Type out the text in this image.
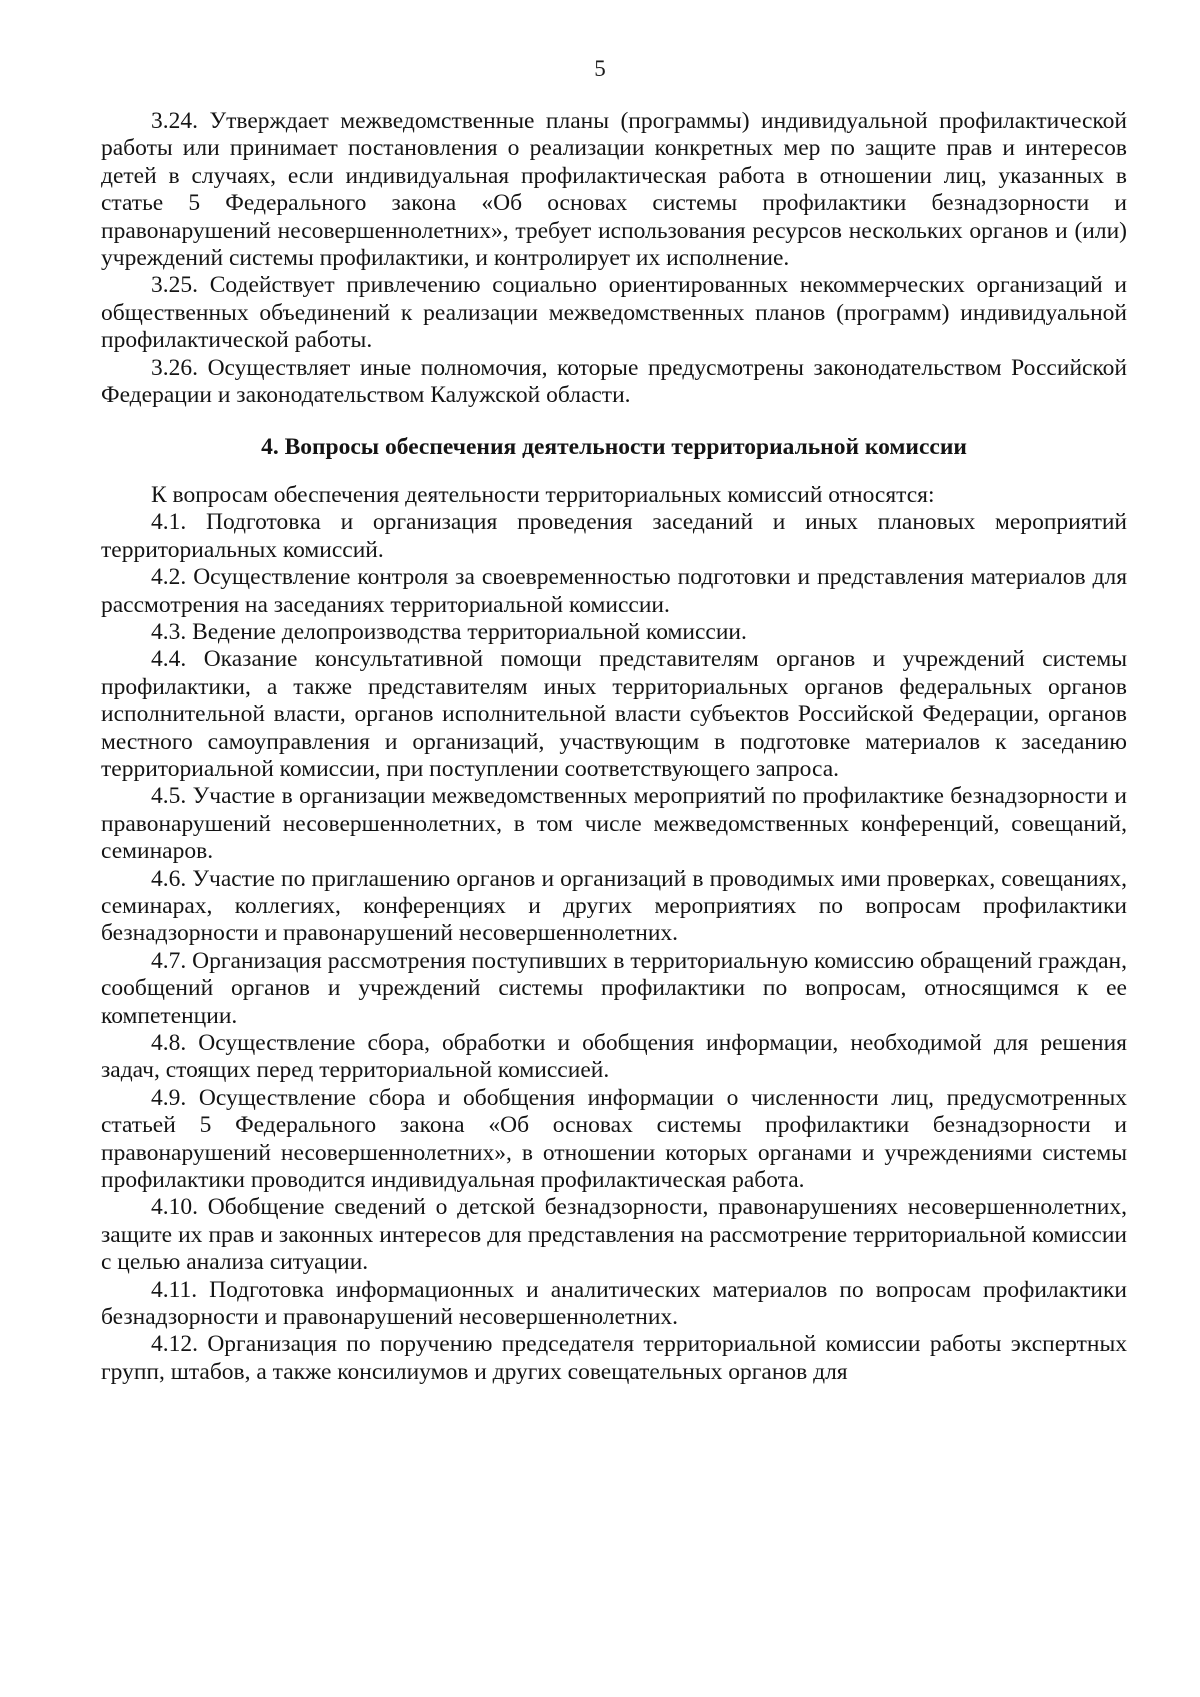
5

3.24. Утверждает межведомственные планы (программы) индивидуальной профилактической работы или принимает постановления о реализации конкретных мер по защите прав и интересов детей в случаях, если индивидуальная профилактическая работа в отношении лиц, указанных в статье 5 Федерального закона «Об основах системы профилактики безнадзорности и правонарушений несовершеннолетних», требует использования ресурсов нескольких органов и (или) учреждений системы профилактики, и контролирует их исполнение.

3.25. Содействует привлечению социально ориентированных некоммерческих организаций и общественных объединений к реализации межведомственных планов (программ) индивидуальной профилактической работы.

3.26. Осуществляет иные полномочия, которые предусмотрены законодательством Российской Федерации и законодательством Калужской области.

4. Вопросы обеспечения деятельности территориальной комиссии

К вопросам обеспечения деятельности территориальных комиссий относятся:

4.1. Подготовка и организация проведения заседаний и иных плановых мероприятий территориальных комиссий.

4.2. Осуществление контроля за своевременностью подготовки и представления материалов для рассмотрения на заседаниях территориальной комиссии.

4.3. Ведение делопроизводства территориальной комиссии.

4.4. Оказание консультативной помощи представителям органов и учреждений системы профилактики, а также представителям иных территориальных органов федеральных органов исполнительной власти, органов исполнительной власти субъектов Российской Федерации, органов местного самоуправления и организаций, участвующим в подготовке материалов к заседанию территориальной комиссии, при поступлении соответствующего запроса.

4.5. Участие в организации межведомственных мероприятий по профилактике безнадзорности и правонарушений несовершеннолетних, в том числе межведомственных конференций, совещаний, семинаров.

4.6. Участие по приглашению органов и организаций в проводимых ими проверках, совещаниях, семинарах, коллегиях, конференциях и других мероприятиях по вопросам профилактики безнадзорности и правонарушений несовершеннолетних.

4.7. Организация рассмотрения поступивших в территориальную комиссию обращений граждан, сообщений органов и учреждений системы профилактики по вопросам, относящимся к ее компетенции.

4.8. Осуществление сбора, обработки и обобщения информации, необходимой для решения задач, стоящих перед территориальной комиссией.

4.9. Осуществление сбора и обобщения информации о численности лиц, предусмотренных статьей 5 Федерального закона «Об основах системы профилактики безнадзорности и правонарушений несовершеннолетних», в отношении которых органами и учреждениями системы профилактики проводится индивидуальная профилактическая работа.

4.10. Обобщение сведений о детской безнадзорности, правонарушениях несовершеннолетних, защите их прав и законных интересов для представления на рассмотрение территориальной комиссии с целью анализа ситуации.

4.11. Подготовка информационных и аналитических материалов по вопросам профилактики безнадзорности и правонарушений несовершеннолетних.

4.12. Организация по поручению председателя территориальной комиссии работы экспертных групп, штабов, а также консилиумов и других совещательных органов для
